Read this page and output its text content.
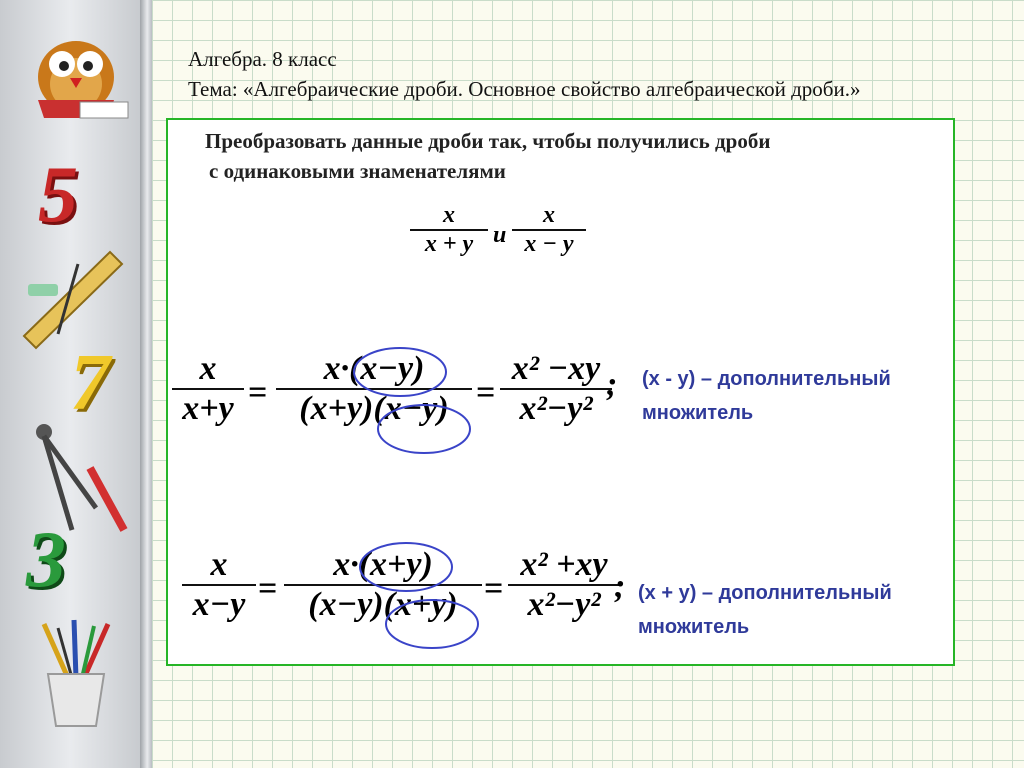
5
7
3
Алгебра. 8 класс
Тема: «Алгебраические дроби. Основное свойство алгебраической дроби.»
Преобразовать данные дроби так, чтобы получились дроби
с одинаковыми знаменателями
x
x + y и
x
x − y
x
x+y =
x·(x−y)
(x+y)(x−y) =
x² −xy
x²−y²
; (x - y) – дополнительный
множитель
x
x−y =
x·(x+y)
(x−y)(x+y) =
x² +xy
x²−y² ; (x + y) – дополнительный
множитель
